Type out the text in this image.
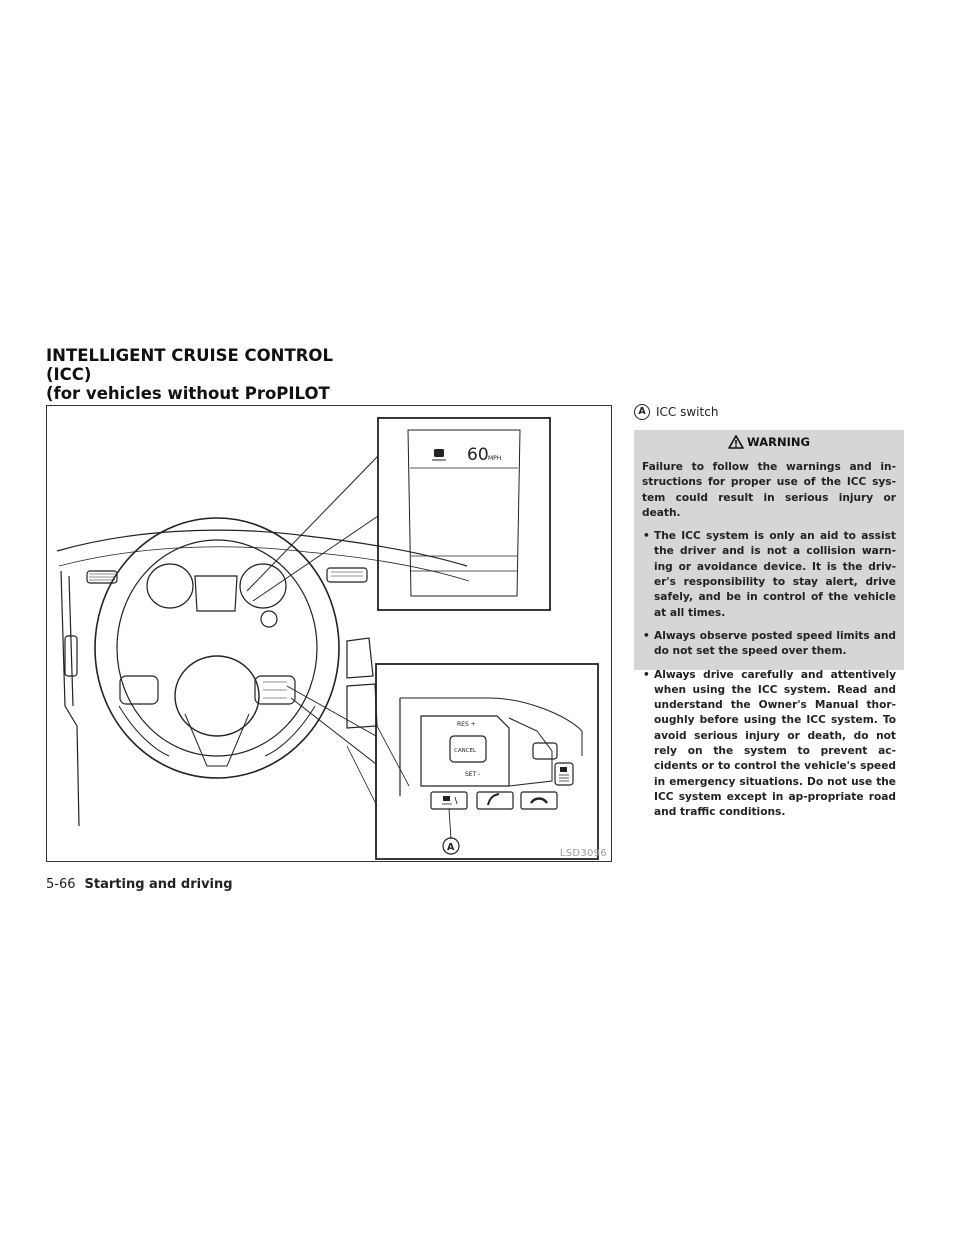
INTELLIGENT CRUISE CONTROL (ICC)
(for vehicles without ProPILOT
60 MPH
RES +
CANCEL
SET -
A
LSD3096
A ICC switch
WARNING

Failure to follow the warnings and in-structions for proper use of the ICC sys-tem could result in serious injury or death.

• The ICC system is only an aid to assist the driver and is not a collision warn-ing or avoidance device. It is the driv-er's responsibility to stay alert, drive safely, and be in control of the vehicle at all times.
• Always observe posted speed limits and do not set the speed over them.
• Always drive carefully and attentively when using the ICC system. Read and understand the Owner's Manual thor-oughly before using the ICC system. To avoid serious injury or death, do not rely on the system to prevent ac-cidents or to control the vehicle's speed in emergency situations. Do not use the ICC system except in ap-propriate road and traffic conditions.
5-66 Starting and driving
